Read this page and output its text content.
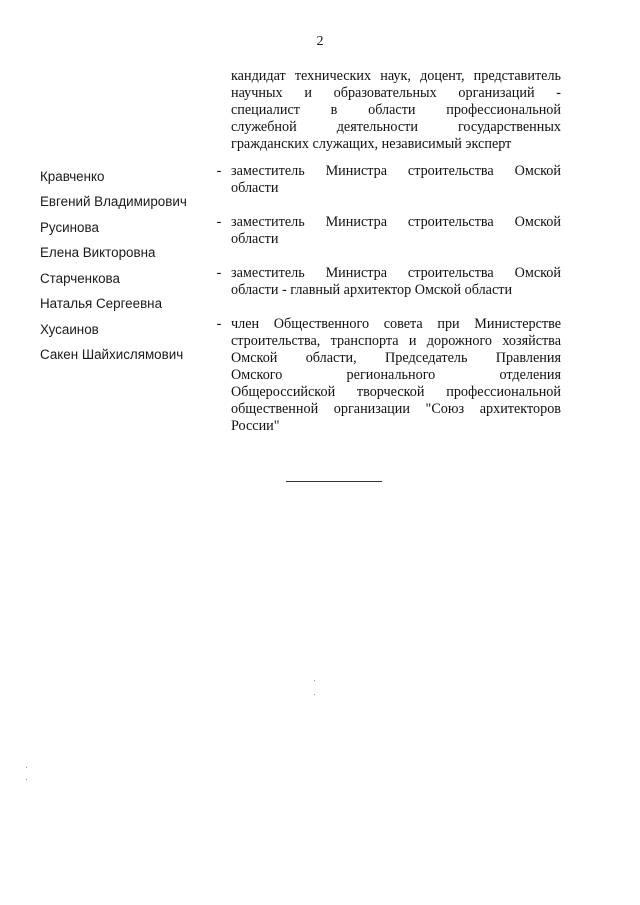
2

кандидат технических наук, доцент, представитель
научных и образовательных организаций -
специалист в области профессиональной
служебной деятельности государственных
гражданских служащих, независимый эксперт

Кравченко
Евгений Владимирович
- заместитель Министра строительства Омской
области

Русинова
Елена Викторовна
- заместитель Министра строительства Омской
области

Старченкова
Наталья Сергеевна
- заместитель Министра строительства Омской
области - главный архитектор Омской области

Хусаинов
Сакен Шайхислямович
- член Общественного совета при Министерстве
строительства, транспорта и дорожного хозяйства
Омской области, Председатель Правления
Омского регионального отделения
Общероссийской творческой профессиональной
общественной организации "Союз архитекторов
России"
